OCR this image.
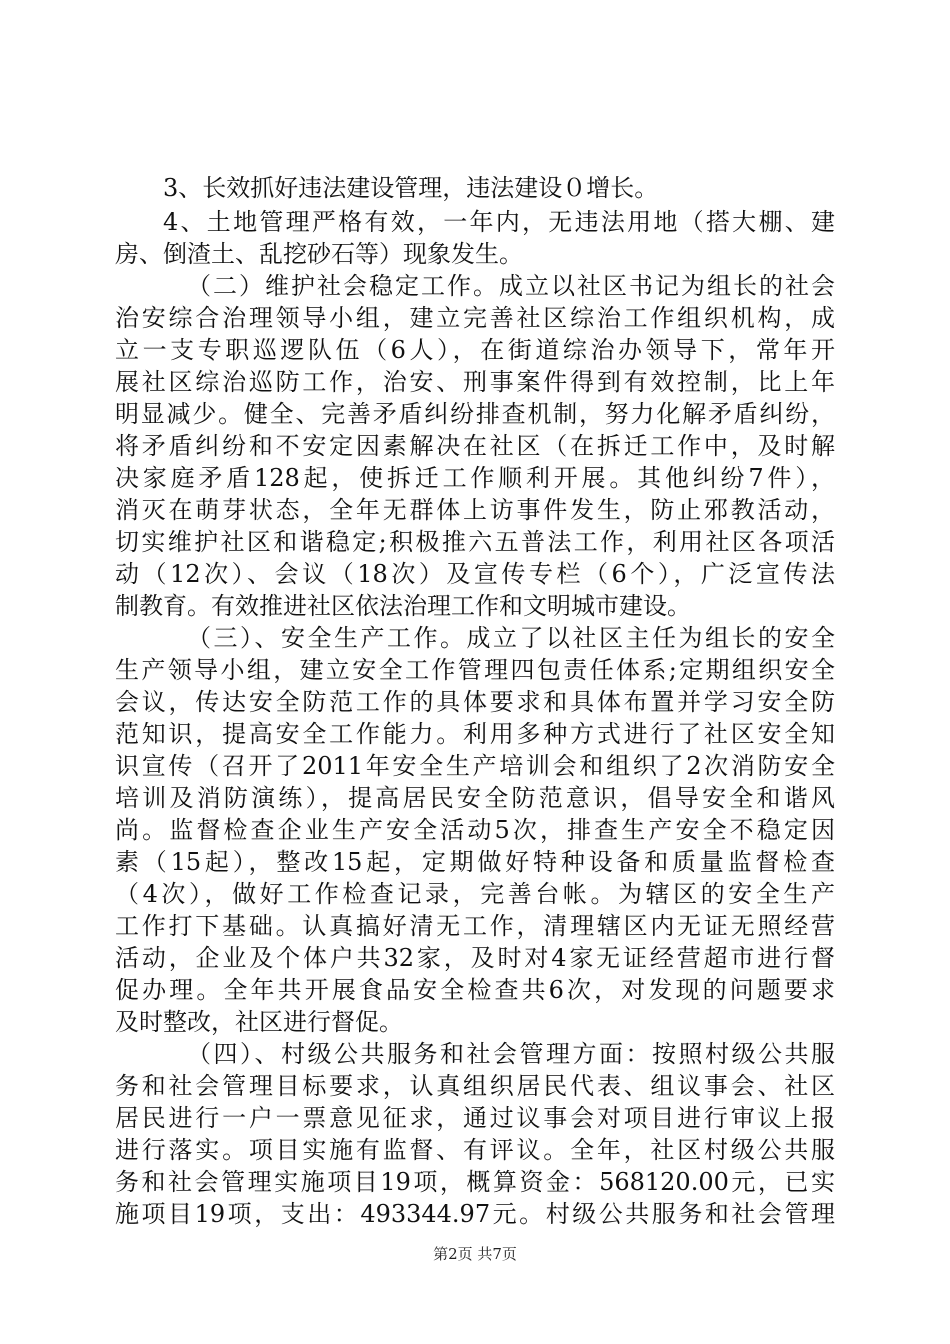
3、长效抓好违法建设管理，违法建设０增长。
4、土地管理严格有效，一年内，无违法用地（搭大棚、建
房、倒渣土、乱挖砂石等）现象发生。
（二）维护社会稳定工作。成立以社区书记为组长的社会
治安综合治理领导小组，建立完善社区综治工作组织机构，成
立一支专职巡逻队伍（6人），在街道综治办领导下，常年开
展社区综治巡防工作，治安、刑事案件得到有效控制，比上年
明显减少。健全、完善矛盾纠纷排查机制，努力化解矛盾纠纷，
将矛盾纠纷和不安定因素解决在社区（在拆迁工作中，及时解
决家庭矛盾128起，使拆迁工作顺利开展。其他纠纷7件），
消灭在萌芽状态，全年无群体上访事件发生，防止邪教活动，
切实维护社区和谐稳定;积极推六五普法工作，利用社区各项活
动（12次）、会议（18次）及宣传专栏（6个），广泛宣传法
制教育。有效推进社区依法治理工作和文明城市建设。
（三）、安全生产工作。成立了以社区主任为组长的安全
生产领导小组，建立安全工作管理四包责任体系;定期组织安全
会议，传达安全防范工作的具体要求和具体布置并学习安全防
范知识，提高安全工作能力。利用多种方式进行了社区安全知
识宣传（召开了2011年安全生产培训会和组织了2次消防安全
培训及消防演练），提高居民安全防范意识，倡导安全和谐风
尚。监督检查企业生产安全活动5次，排查生产安全不稳定因
素（15起），整改15起，定期做好特种设备和质量监督检查
（4次），做好工作检查记录，完善台帐。为辖区的安全生产
工作打下基础。认真搞好清无工作，清理辖区内无证无照经营
活动，企业及个体户共32家，及时对4家无证经营超市进行督
促办理。全年共开展食品安全检查共6次，对发现的问题要求
及时整改，社区进行督促。
（四）、村级公共服务和社会管理方面：按照村级公共服
务和社会管理目标要求，认真组织居民代表、组议事会、社区
居民进行一户一票意见征求，通过议事会对项目进行审议上报
进行落实。项目实施有监督、有评议。全年，社区村级公共服
务和社会管理实施项目19项，概算资金：568120.00元，已实
施项目19项，支出：493344.97元。村级公共服务和社会管理
第2页 共7页
